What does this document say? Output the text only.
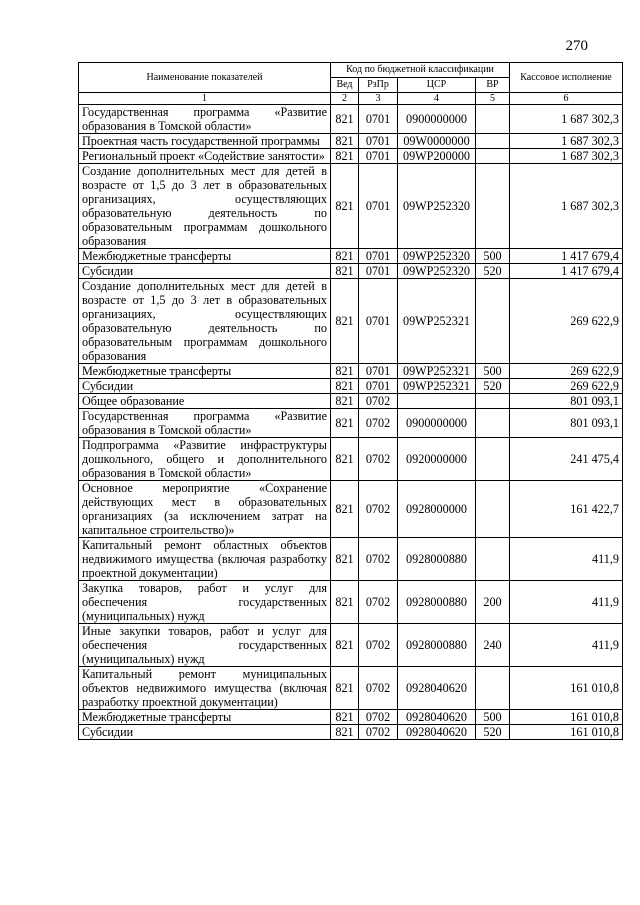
270
Наименование показателей	Код по бюджетной классификации				Кассовое исполнение
	Вед	РзПр	ЦСР	ВР	
1	2	3	4	5	6
Государственная программа «Развитие образования в Томской области»	821	0701	0900000000		1 687 302,3
Проектная часть государственной программы	821	0701	09W0000000		1 687 302,3
Региональный проект «Содействие занятости»	821	0701	09WP200000		1 687 302,3
Создание дополнительных мест для детей в возрасте от 1,5 до 3 лет в образовательных организациях, осуществляющих образовательную деятельность по образовательным программам дошкольного образования	821	0701	09WP252320		1 687 302,3
Межбюджетные трансферты	821	0701	09WP252320	500	1 417 679,4
Субсидии	821	0701	09WP252320	520	1 417 679,4
Создание дополнительных мест для детей в возрасте от 1,5 до 3 лет в образовательных организациях, осуществляющих образовательную деятельность по образовательным программам дошкольного образования	821	0701	09WP252321		269 622,9
Межбюджетные трансферты	821	0701	09WP252321	500	269 622,9
Субсидии	821	0701	09WP252321	520	269 622,9
Общее образование	821	0702			801 093,1
Государственная программа «Развитие образования в Томской области»	821	0702	0900000000		801 093,1
Подпрограмма «Развитие инфраструктуры дошкольного, общего и дополнительного образования в Томской области»	821	0702	0920000000		241 475,4
Основное мероприятие «Сохранение действующих мест в образовательных организациях (за исключением затрат на капитальное строительство)»	821	0702	0928000000		161 422,7
Капитальный ремонт областных объектов недвижимого имущества (включая разработку проектной документации)	821	0702	0928000880		411,9
Закупка товаров, работ и услуг для обеспечения государственных (муниципальных) нужд	821	0702	0928000880	200	411,9
Иные закупки товаров, работ и услуг для обеспечения государственных (муниципальных) нужд	821	0702	0928000880	240	411,9
Капитальный ремонт муниципальных объектов недвижимого имущества (включая разработку проектной документации)	821	0702	0928040620		161 010,8
Межбюджетные трансферты	821	0702	0928040620	500	161 010,8
Субсидии	821	0702	0928040620	520	161 010,8
